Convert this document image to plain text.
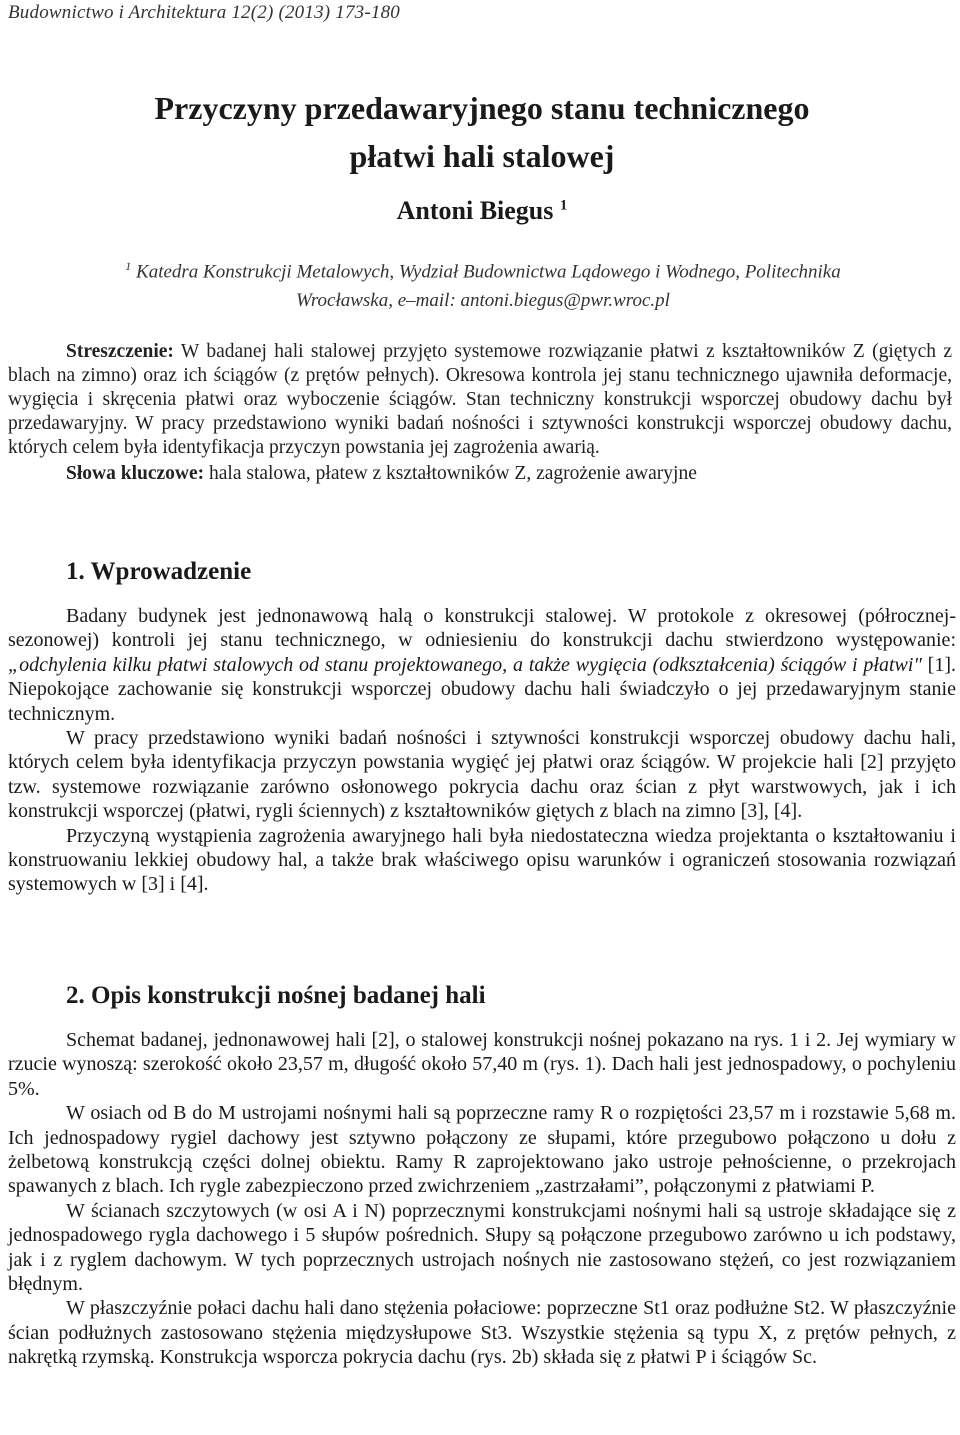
Budownictwo i Architektura 12(2) (2013) 173-180
Przyczyny przedawaryjnego stanu technicznego
płatwi hali stalowej
Antoni Biegus $^1$
$^1$ Katedra Konstrukcji Metalowych, Wydział Budownictwa Lądowego i Wodnego, Politechnika
Wrocławska, e–mail: antoni.biegus@pwr.wroc.pl

Streszczenie: W badanej hali stalowej przyjęto systemowe rozwiązanie płatwi z kształtowników Z (giętych z blach na zimno) oraz ich ściągów (z prętów pełnych). Okresowa kontrola jej stanu technicznego ujawniła deformacje, wygięcia i skręcenia płatwi oraz wyboczenie ściągów. Stan techniczny konstrukcji wsporczej obudowy dachu był przedawaryjny. W pracy przedstawiono wyniki badań nośności i sztywności konstrukcji wsporczej obudowy dachu, których celem była identyfikacja przyczyn powstania jej zagrożenia awarią.

Słowa kluczowe: hala stalowa, płatew z kształtowników Z, zagrożenie awaryjne

1. Wprowadzenie

Badany budynek jest jednonawową halą o konstrukcji stalowej. W protokole z okresowej (półrocznej-sezonowej) kontroli jej stanu technicznego, w odniesieniu do konstrukcji dachu stwierdzono występowanie: „odchylenia kilku płatwi stalowych od stanu projektowanego, a także wygięcia (odkształcenia) ściągów i płatwi" [1]. Niepokojące zachowanie się konstrukcji wsporczej obudowy dachu hali świadczyło o jej przedawaryjnym stanie technicznym.

W pracy przedstawiono wyniki badań nośności i sztywności konstrukcji wsporczej obudowy dachu hali, których celem była identyfikacja przyczyn powstania wygięć jej płatwi oraz ściągów. W projekcie hali [2] przyjęto tzw. systemowe rozwiązanie zarówno osłonowego pokrycia dachu oraz ścian z płyt warstwowych, jak i ich konstrukcji wsporczej (płatwi, rygli ściennych) z kształtowników giętych z blach na zimno [3], [4].

Przyczyną wystąpienia zagrożenia awaryjnego hali była niedostateczna wiedza projektanta o kształtowaniu i konstruowaniu lekkiej obudowy hal, a także brak właściwego opisu warunków i ograniczeń stosowania rozwiązań systemowych w [3] i [4].

2. Opis konstrukcji nośnej badanej hali

Schemat badanej, jednonawowej hali [2], o stalowej konstrukcji nośnej pokazano na rys. 1 i 2. Jej wymiary w rzucie wynoszą: szerokość około 23,57 m, długość około 57,40 m (rys. 1). Dach hali jest jednospadowy, o pochyleniu 5%.

W osiach od B do M ustrojami nośnymi hali są poprzeczne ramy R o rozpiętości 23,57 m i rozstawie 5,68 m. Ich jednospadowy rygiel dachowy jest sztywno połączony ze słupami, które przegubowo połączono u dołu z żelbetową konstrukcją części dolnej obiektu. Ramy R zaprojektowano jako ustroje pełnościenne, o przekrojach spawanych z blach. Ich rygle zabezpieczono przed zwichrzeniem „zastrzałami”, połączonymi z płatwiami P.

W ścianach szczytowych (w osi A i N) poprzecznymi konstrukcjami nośnymi hali są ustroje składające się z jednospadowego rygla dachowego i 5 słupów pośrednich. Słupy są połączone przegubowo zarówno u ich podstawy, jak i z ryglem dachowym. W tych poprzecznych ustrojach nośnych nie zastosowano stężeń, co jest rozwiązaniem błędnym.

W płaszczyźnie połaci dachu hali dano stężenia połaciowe: poprzeczne St1 oraz podłużne St2. W płaszczyźnie ścian podłużnych zastosowano stężenia międzysłupowe St3. Wszystkie stężenia są typu X, z prętów pełnych, z nakrętką rzymską. Konstrukcja wsporcza pokrycia dachu (rys. 2b) składa się z płatwi P i ściągów Sc.
